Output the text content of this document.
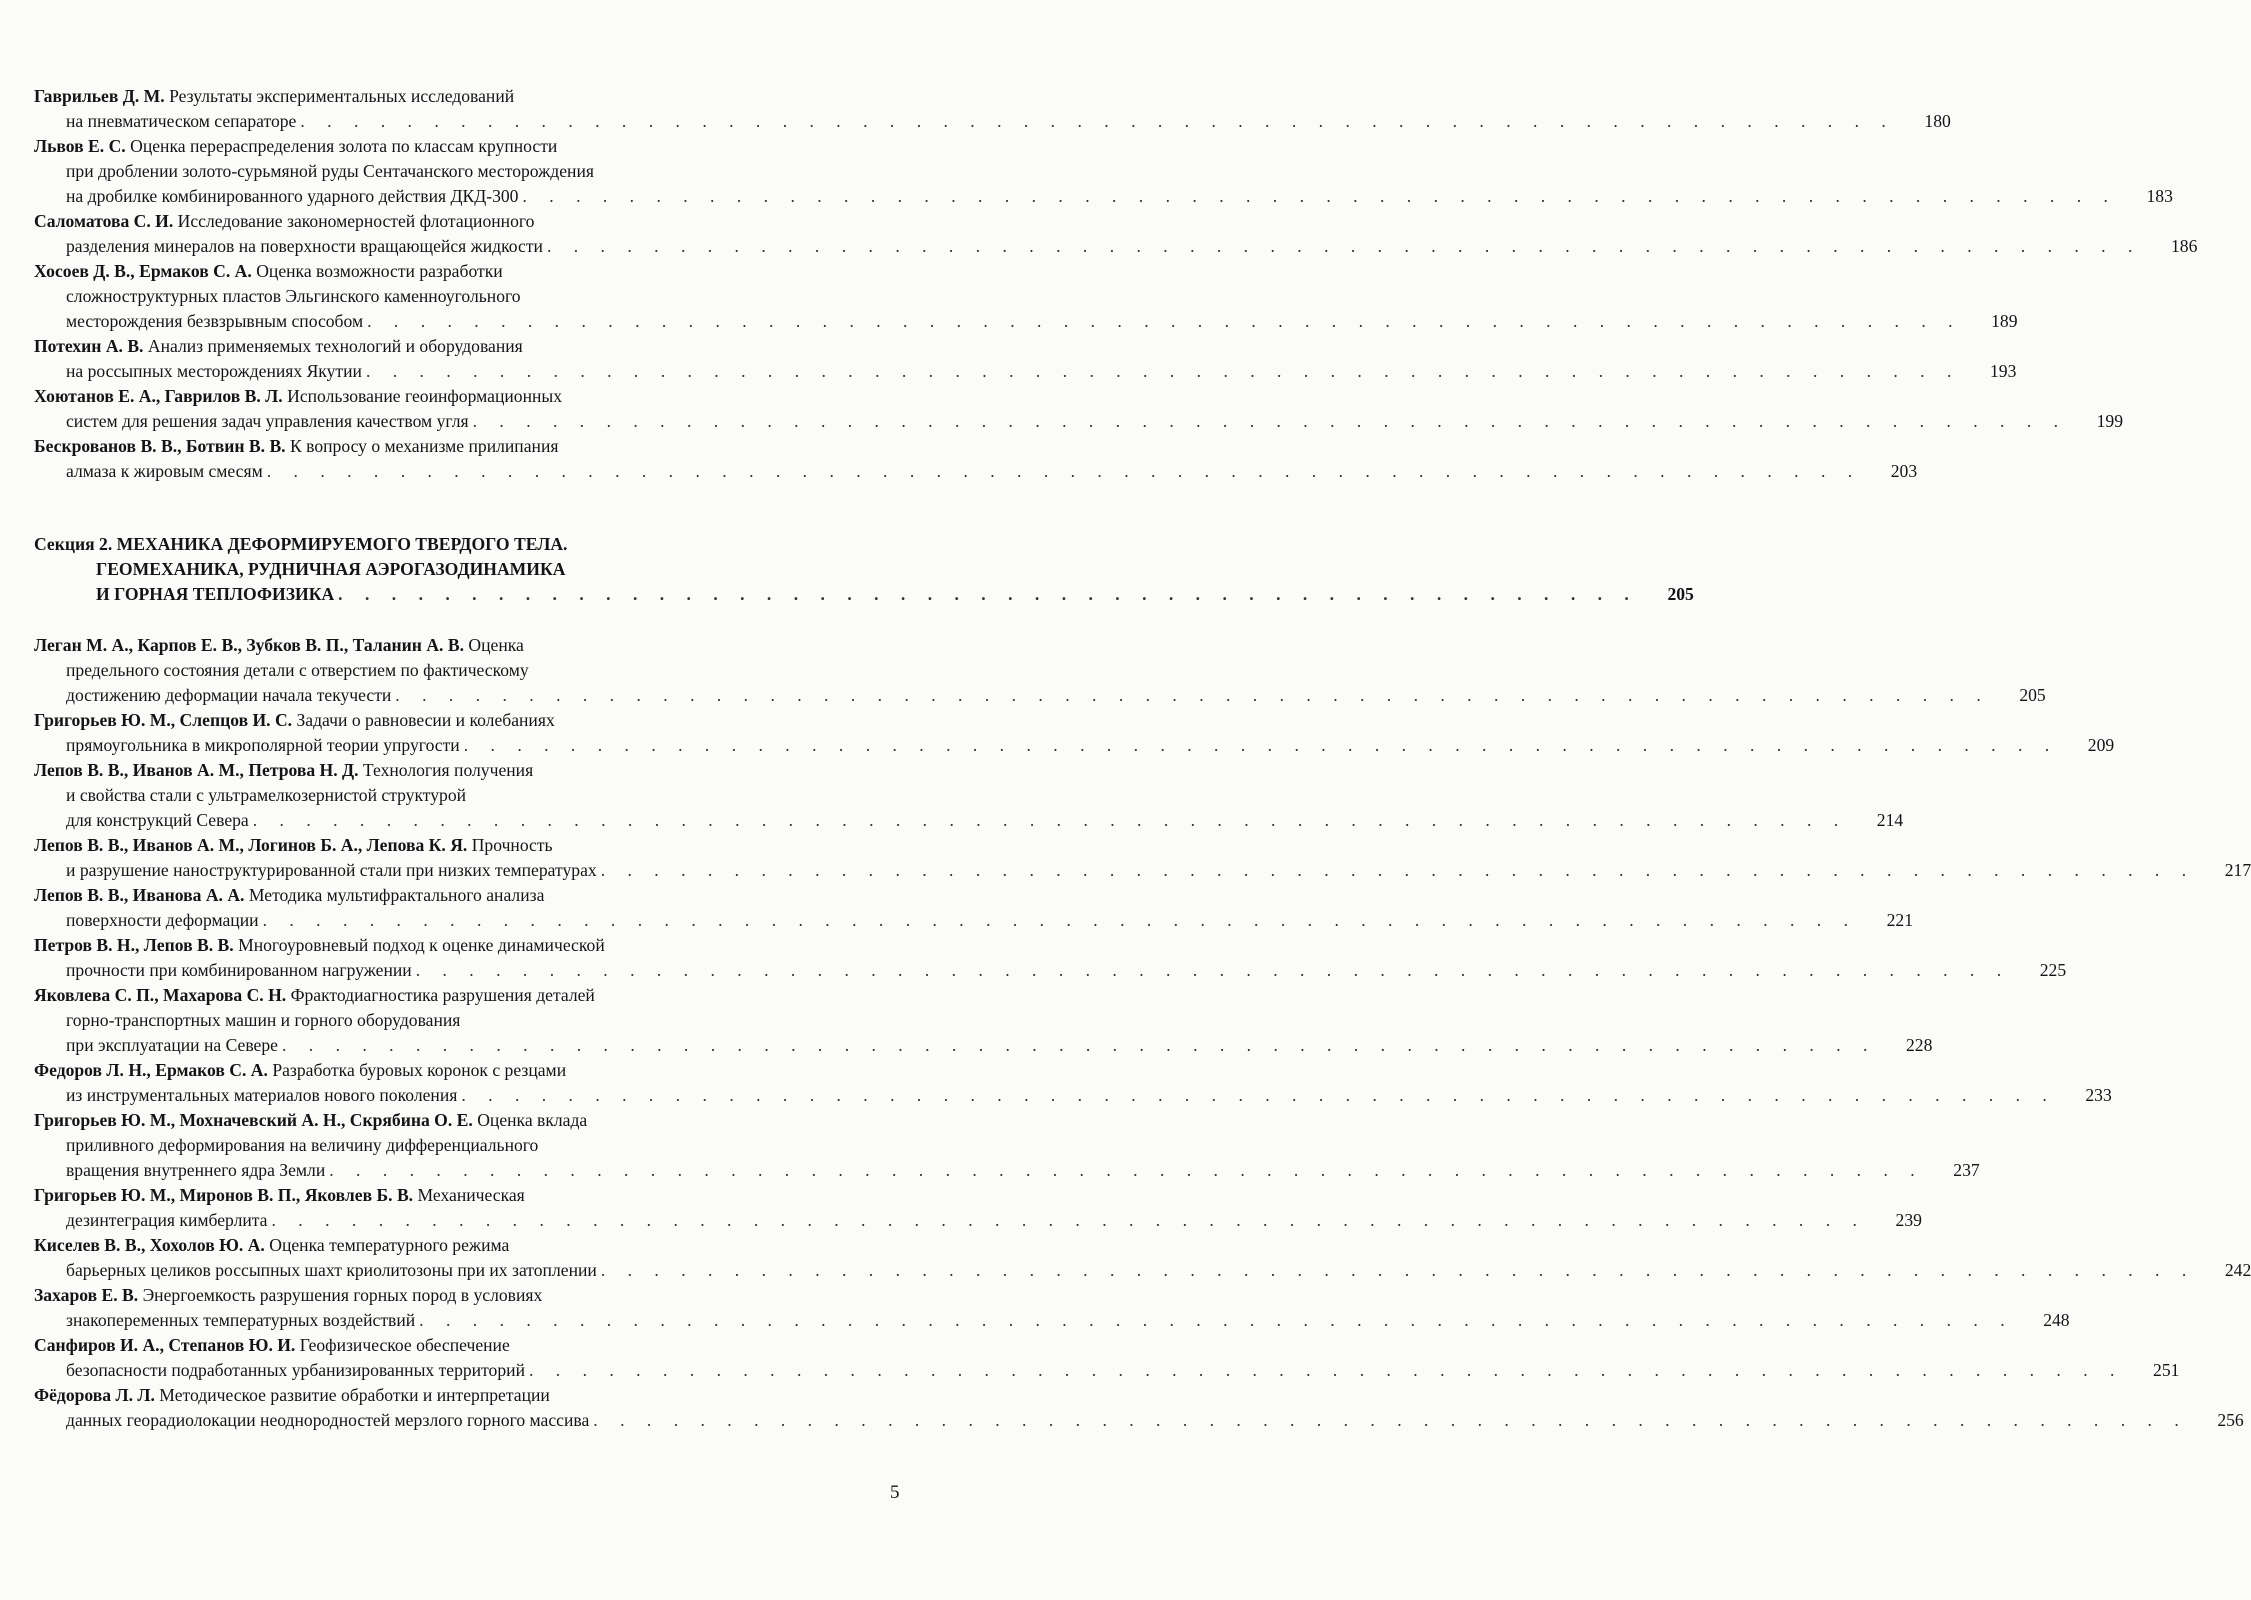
Гаврильев Д. М. Результаты экспериментальных исследований
на пневматическом сепараторе . . . . . . . . . . . . . . . . . . . . . . . . . . . . . . . . . . . . . . . . . . . . . . . . . . . . . . . . . . . .	180
Львов Е. С. Оценка перераспределения золота по классам крупности
при дроблении золото-сурьмяной руды Сентачанского месторождения
на дробилке комбинированного ударного действия ДКД-300 . . . . . . . . . . . . . . . . . . . . . . . . . . . . . . . . . . . . . . . . . . . . . . . . . . . . . . . . . . . .	183
Саломатова С. И. Исследование закономерностей флотационного
разделения минералов на поверхности вращающейся жидкости . . . . . . . . . . . . . . . . . . . . . . . . . . . . . . . . . . . . . . . . . . . . . . . . . . . . . . . . . . . .	186
Хосоев Д. В., Ермаков С. А. Оценка возможности разработки
сложноструктурных пластов Эльгинского каменноугольного
месторождения безвзрывным способом . . . . . . . . . . . . . . . . . . . . . . . . . . . . . . . . . . . . . . . . . . . . . . . . . . . . . . . . . . . .	189
Потехин А. В. Анализ применяемых технологий и оборудования
на россыпных месторождениях Якутии . . . . . . . . . . . . . . . . . . . . . . . . . . . . . . . . . . . . . . . . . . . . . . . . . . . . . . . . . . . .	193
Хоютанов Е. А., Гаврилов В. Л. Использование геоинформационных
систем для решения задач управления качеством угля . . . . . . . . . . . . . . . . . . . . . . . . . . . . . . . . . . . . . . . . . . . . . . . . . . . . . . . . . . . .	199
Бескрованов В. В., Ботвин В. В. К вопросу о механизме прилипания
алмаза к жировым смесям . . . . . . . . . . . . . . . . . . . . . . . . . . . . . . . . . . . . . . . . . . . . . . . . . . . . . . . . . . . .	203
Секция 2. МЕХАНИКА ДЕФОРМИРУЕМОГО ТВЕРДОГО ТЕЛА.
ГЕОМЕХАНИКА, РУДНИЧНАЯ АЭРОГАЗОДИНАМИКА
И ГОРНАЯ ТЕПЛОФИЗИКА . . . . . . . . . . . . . . . . . . . . . . . . . . . . . . . . . . . . . . . . . . . . . . . . .	205
Леган М. А., Карпов Е. В., Зубков В. П., Таланин А. В. Оценка
предельного состояния детали с отверстием по фактическому
достижению деформации начала текучести . . . . . . . . . . . . . . . . . . . . . . . . . . . . . . . . . . . . . . . . . . . . . . . . . . . . . . . . . . . .	205
Григорьев Ю. М., Слепцов И. С. Задачи о равновесии и колебаниях
прямоугольника в микрополярной теории упругости . . . . . . . . . . . . . . . . . . . . . . . . . . . . . . . . . . . . . . . . . . . . . . . . . . . . . . . . . . . .	209
Лепов В. В., Иванов А. М., Петрова Н. Д. Технология получения
и свойства стали с ультрамелкозернистой структурой
для конструкций Севера . . . . . . . . . . . . . . . . . . . . . . . . . . . . . . . . . . . . . . . . . . . . . . . . . . . . . . . . . . . .	214
Лепов В. В., Иванов А. М., Логинов Б. А., Лепова К. Я. Прочность
и разрушение наноструктурированной стали при низких температурах . . . . . . . . . . . . . . . . . . . . . . . . . . . . . . . . . . . . . . . . . . . . . . . . . . . . . . . . . . . .	217
Лепов В. В., Иванова А. А. Методика мультифрактального анализа
поверхности деформации . . . . . . . . . . . . . . . . . . . . . . . . . . . . . . . . . . . . . . . . . . . . . . . . . . . . . . . . . . . .	221
Петров В. Н., Лепов В. В. Многоуровневый подход к оценке динамической
прочности при комбинированном нагружении . . . . . . . . . . . . . . . . . . . . . . . . . . . . . . . . . . . . . . . . . . . . . . . . . . . . . . . . . . . .	225
Яковлева С. П., Махарова С. Н. Фрактодиагностика разрушения деталей
горно-транспортных машин и горного оборудования
при эксплуатации на Севере . . . . . . . . . . . . . . . . . . . . . . . . . . . . . . . . . . . . . . . . . . . . . . . . . . . . . . . . . . . .	228
Федоров Л. Н., Ермаков С. А. Разработка буровых коронок с резцами
из инструментальных материалов нового поколения . . . . . . . . . . . . . . . . . . . . . . . . . . . . . . . . . . . . . . . . . . . . . . . . . . . . . . . . . . . .	233
Григорьев Ю. М., Мохначевский А. Н., Скрябина О. Е. Оценка вклада
приливного деформирования на величину дифференциального
вращения внутреннего ядра Земли . . . . . . . . . . . . . . . . . . . . . . . . . . . . . . . . . . . . . . . . . . . . . . . . . . . . . . . . . . . .	237
Григорьев Ю. М., Миронов В. П., Яковлев Б. В. Механическая
дезинтеграция кимберлита . . . . . . . . . . . . . . . . . . . . . . . . . . . . . . . . . . . . . . . . . . . . . . . . . . . . . . . . . . . .	239
Киселев В. В., Хохолов Ю. А. Оценка температурного режима
барьерных целиков россыпных шахт криолитозоны при их затоплении . . . . . . . . . . . . . . . . . . . . . . . . . . . . . . . . . . . . . . . . . . . . . . . . . . . . . . . . . . . .	242
Захаров Е. В. Энергоемкость разрушения горных пород в условиях
знакопеременных температурных воздействий . . . . . . . . . . . . . . . . . . . . . . . . . . . . . . . . . . . . . . . . . . . . . . . . . . . . . . . . . . . .	248
Санфиров И. А., Степанов Ю. И. Геофизическое обеспечение
безопасности подработанных урбанизированных территорий . . . . . . . . . . . . . . . . . . . . . . . . . . . . . . . . . . . . . . . . . . . . . . . . . . . . . . . . . . . .	251
Фёдорова Л. Л. Методическое развитие обработки и интерпретации
данных георадиолокации неоднородностей мерзлого горного массива . . . . . . . . . . . . . . . . . . . . . . . . . . . . . . . . . . . . . . . . . . . . . . . . . . . . . . . . . . . .	256
5
